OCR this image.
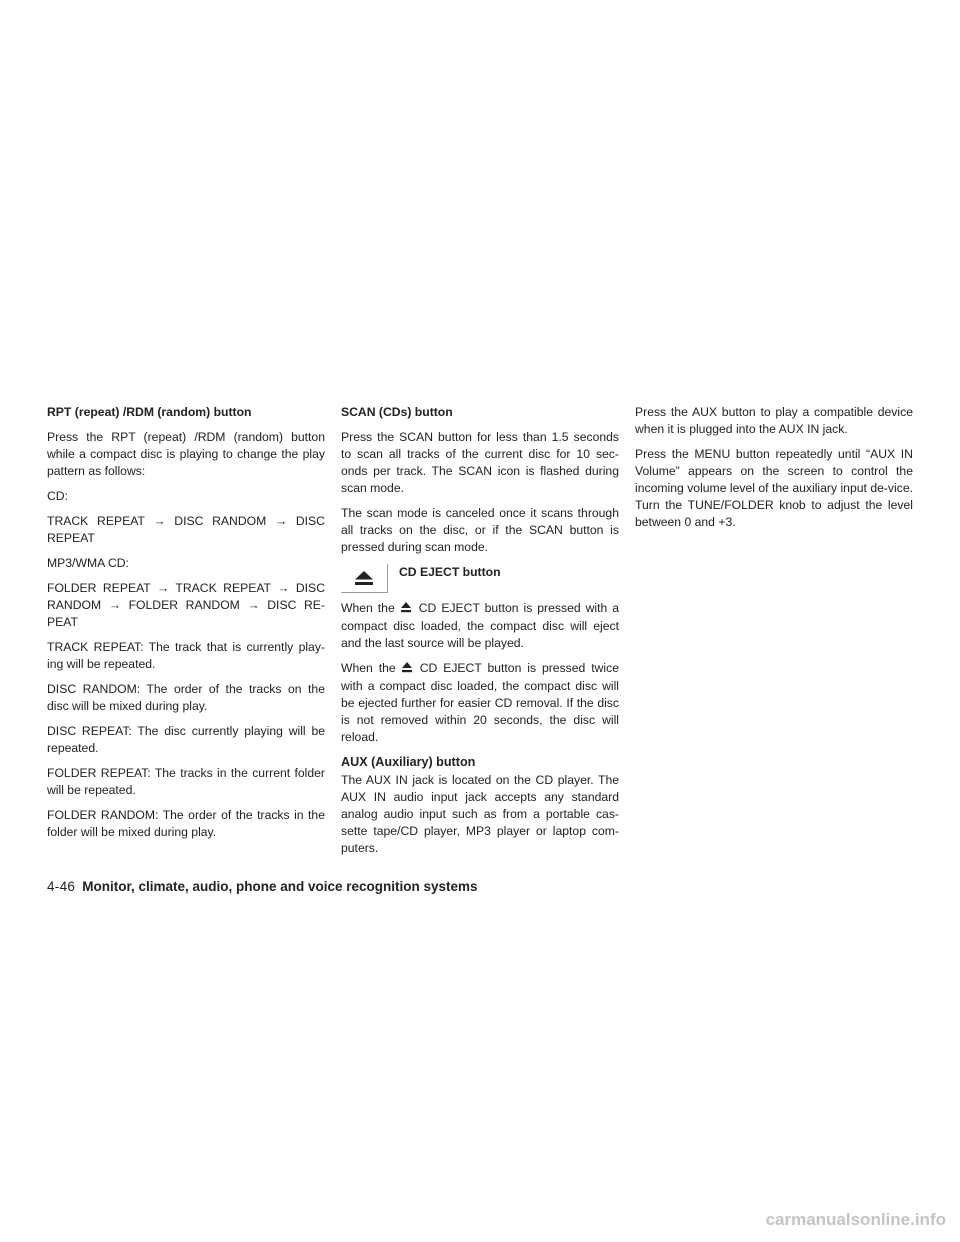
RPT (repeat) /RDM (random) button

Press the RPT (repeat) /RDM (random) button while a compact disc is playing to change the play pattern as follows:

CD:

TRACK REPEAT → DISC RANDOM → DISC REPEAT

MP3/WMA CD:

FOLDER REPEAT → TRACK REPEAT → DISC RANDOM → FOLDER RANDOM → DISC RE-PEAT

TRACK REPEAT: The track that is currently play-ing will be repeated.

DISC RANDOM: The order of the tracks on the disc will be mixed during play.

DISC REPEAT: The disc currently playing will be repeated.

FOLDER REPEAT: The tracks in the current folder will be repeated.

FOLDER RANDOM: The order of the tracks in the folder will be mixed during play.

SCAN (CDs) button

Press the SCAN button for less than 1.5 seconds to scan all tracks of the current disc for 10 sec-onds per track. The SCAN icon is flashed during scan mode.

The scan mode is canceled once it scans through all tracks on the disc, or if the SCAN button is pressed during scan mode.

CD EJECT button

When the CD EJECT button is pressed with a compact disc loaded, the compact disc will eject and the last source will be played.

When the CD EJECT button is pressed twice with a compact disc loaded, the compact disc will be ejected further for easier CD removal. If the disc is not removed within 20 seconds, the disc will reload.

AUX (Auxiliary) button

The AUX IN jack is located on the CD player. The AUX IN audio input jack accepts any standard analog audio input such as from a portable cas-sette tape/CD player, MP3 player or laptop com-puters.

Press the AUX button to play a compatible device when it is plugged into the AUX IN jack.

Press the MENU button repeatedly until “AUX IN Volume” appears on the screen to control the incoming volume level of the auxiliary input de-vice. Turn the TUNE/FOLDER knob to adjust the level between 0 and +3.

4-46 Monitor, climate, audio, phone and voice recognition systems
carmanualsonline.info
